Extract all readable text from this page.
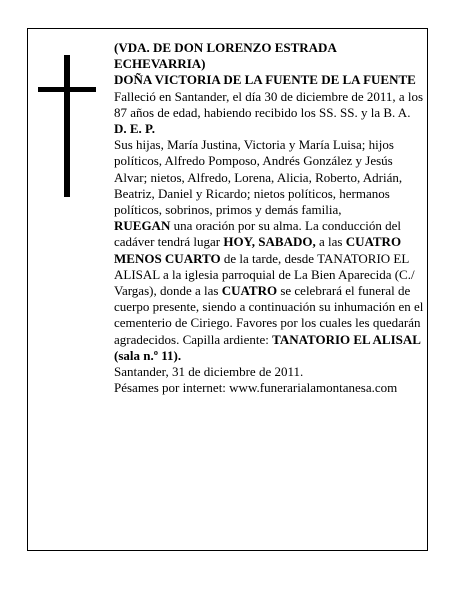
(VDA. DE DON LORENZO ESTRADA ECHEVARRIA)

DOÑA VICTORIA DE LA FUENTE DE LA FUENTE

Falleció en Santander, el día 30 de diciembre de 2011, a los

87 años de edad, habiendo recibido los SS. SS. y la B. A.

D. E. P.

Sus hijas, María Justina, Victoria y María Luisa; hijos políticos, Alfredo Pomposo, Andrés González y Jesús Alvar; nietos, Alfredo, Lorena, Alicia, Roberto, Adrián, Beatriz, Daniel y Ricardo; nietos políticos, hermanos políticos, sobrinos, primos y demás familia,

RUEGAN una oración por su alma. La conducción del cadáver tendrá lugar HOY, SABADO, a las CUATRO MENOS CUARTO de la tarde, desde TANATORIO EL ALISAL a la iglesia parroquial de La Bien Aparecida (C./ Vargas), donde a las CUATRO se celebrará el funeral de cuerpo presente, siendo a continuación su inhumación en el cementerio de Ciriego. Favores por los cuales les quedarán agradecidos. Capilla ardiente: TANATORIO EL ALISAL (sala n.º 11).

Santander, 31 de diciembre de 2011.

Pésames por internet: www.funerarialamontanesa.com
